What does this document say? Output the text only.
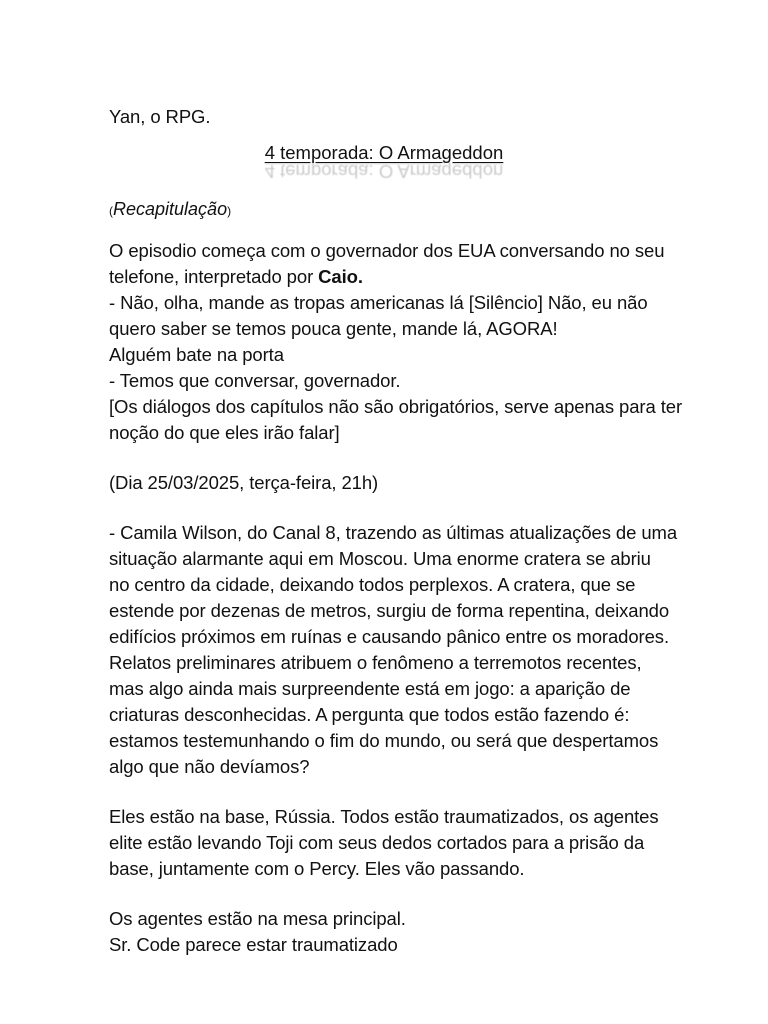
Yan, o RPG.
4 temporada: O Armageddon
4 temporada: O Armageddon
(Recapitulação)
O episodio começa com o governador dos EUA conversando no seu
telefone, interpretado por Caio.
- Não, olha, mande as tropas americanas lá [Silêncio] Não, eu não
quero saber se temos pouca gente, mande lá, AGORA!
Alguém bate na porta
- Temos que conversar, governador.
[Os diálogos dos capítulos não são obrigatórios, serve apenas para ter
noção do que eles irão falar]
(Dia 25/03/2025, terça-feira, 21h)
- Camila Wilson, do Canal 8, trazendo as últimas atualizações de uma
situação alarmante aqui em Moscou. Uma enorme cratera se abriu
no centro da cidade, deixando todos perplexos. A cratera, que se
estende por dezenas de metros, surgiu de forma repentina, deixando
edifícios próximos em ruínas e causando pânico entre os moradores.
Relatos preliminares atribuem o fenômeno a terremotos recentes,
mas algo ainda mais surpreendente está em jogo: a aparição de
criaturas desconhecidas. A pergunta que todos estão fazendo é:
estamos testemunhando o fim do mundo, ou será que despertamos
algo que não devíamos?
Eles estão na base, Rússia. Todos estão traumatizados, os agentes
elite estão levando Toji com seus dedos cortados para a prisão da
base, juntamente com o Percy. Eles vão passando.
Os agentes estão na mesa principal.
Sr. Code parece estar traumatizado
